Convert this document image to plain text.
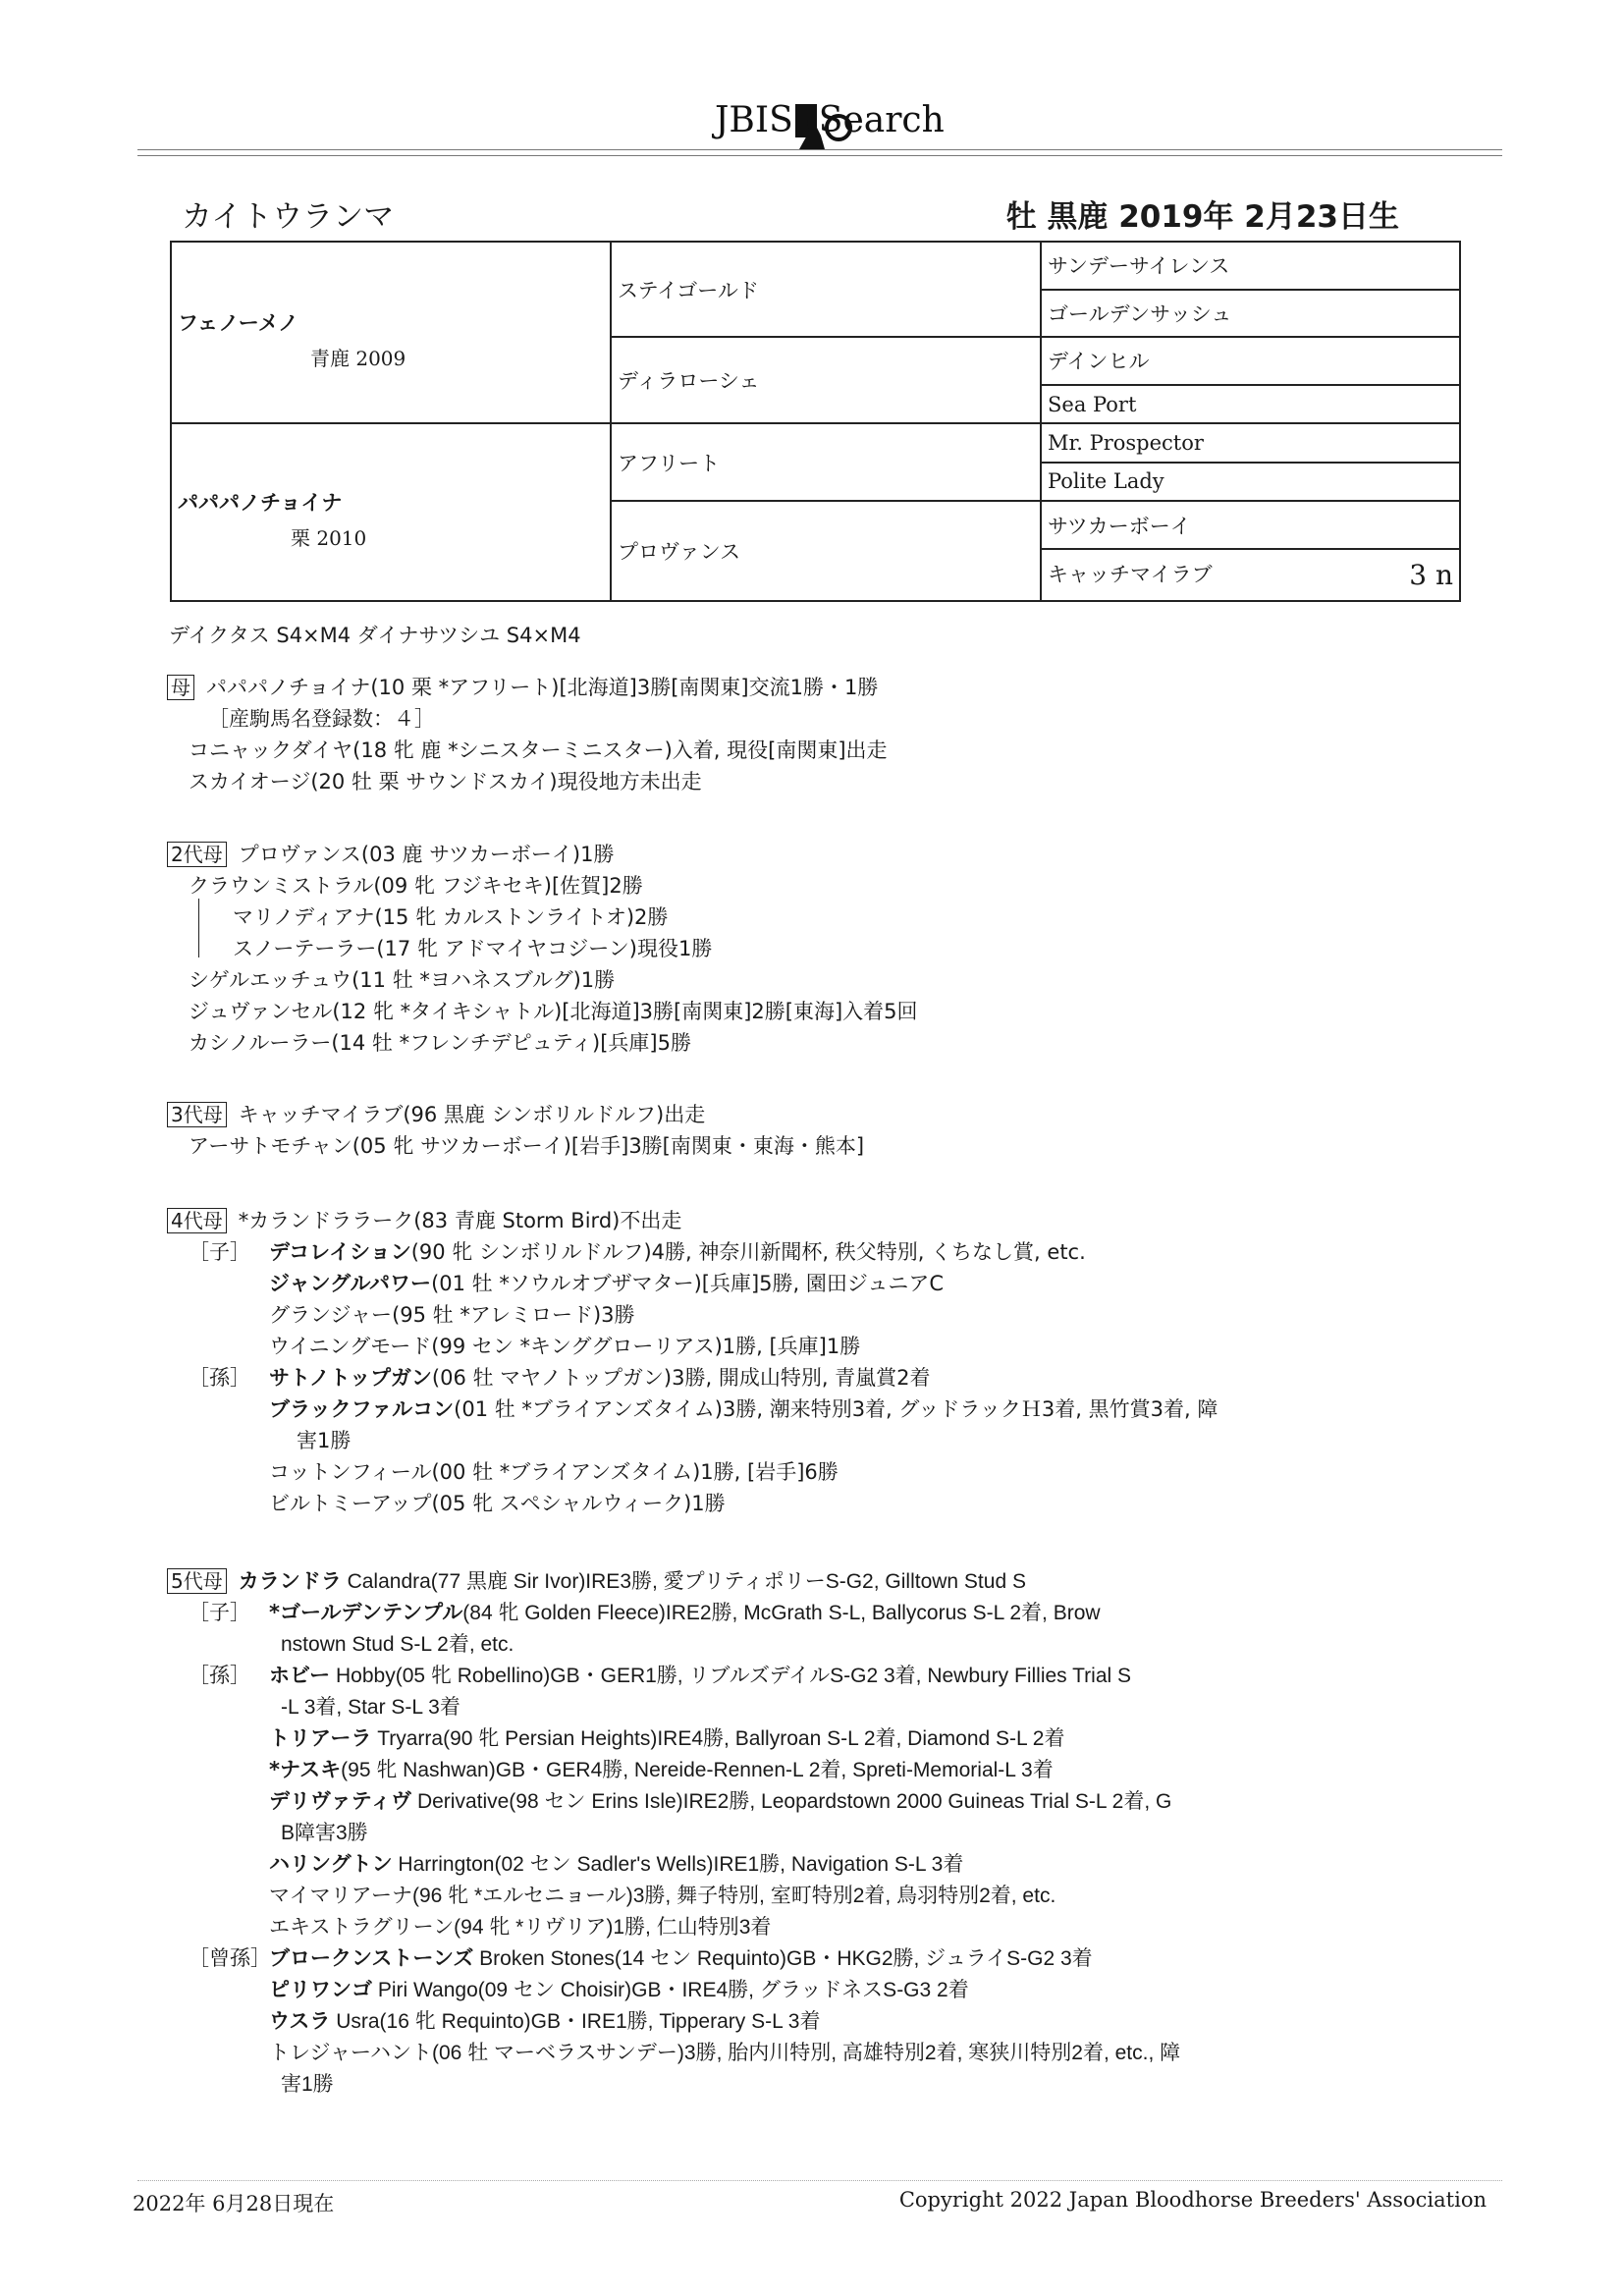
JBIS Search
カイトウランマ	牡 黒鹿 2019年 2月23日生
フェノーメノ
青鹿 2009	ステイゴールド	サンデーサイレンス
		ゴールデンサッシュ
	ディラローシェ	デインヒル
		Sea Port

パパパノチョイナ
栗 2010	アフリート	Mr. Prospector
		Polite Lady
	プロヴァンス	サツカーボーイ
		キャッチマイラブ 3 n
デイクタス S4×M4 ダイナサツシユ S4×M4
母 パパパノチョイナ(10 栗 *アフリート)[北海道]3勝[南関東]交流1勝・1勝
［産駒馬名登録数：４］
コニャックダイヤ(18 牝 鹿 *シニスターミニスター)入着, 現役[南関東]出走
スカイオージ(20 牡 栗 サウンドスカイ)現役地方未出走
2代母 プロヴァンス(03 鹿 サツカーボーイ)1勝
クラウンミストラル(09 牝 フジキセキ)[佐賀]2勝
マリノディアナ(15 牝 カルストンライトオ)2勝
スノーテーラー(17 牝 アドマイヤコジーン)現役1勝
シゲルエッチュウ(11 牡 *ヨハネスブルグ)1勝
ジュヴァンセル(12 牝 *タイキシャトル)[北海道]3勝[南関東]2勝[東海]入着5回
カシノルーラー(14 牡 *フレンチデピュティ)[兵庫]5勝
3代母 キャッチマイラブ(96 黒鹿 シンボリルドルフ)出走
アーサトモチャン(05 牝 サツカーボーイ)[岩手]3勝[南関東・東海・熊本]
4代母 *カランドララーク(83 青鹿 Storm Bird)不出走
［子］ デコレイション(90 牝 シンボリルドルフ)4勝, 神奈川新聞杯, 秩父特別, くちなし賞, etc.
ジャングルパワー(01 牡 *ソウルオブザマター)[兵庫]5勝, 園田ジュニアC
グランジャー(95 牡 *アレミロード)3勝
ウイニングモード(99 セン *キンググローリアス)1勝, [兵庫]1勝
［孫］ サトノトップガン(06 牡 マヤノトップガン)3勝, 開成山特別, 青嵐賞2着
ブラックファルコン(01 牡 *ブライアンズタイム)3勝, 潮来特別3着, グッドラックＨ3着, 黒竹賞3着, 障
害1勝
コットンフィール(00 牡 *ブライアンズタイム)1勝, [岩手]6勝
ビルトミーアップ(05 牝 スペシャルウィーク)1勝
5代母 カランドラ Calandra(77 黒鹿 Sir Ivor)IRE3勝, 愛プリティポリーS-G2, Gilltown Stud S
［子］ *ゴールデンテンプル(84 牝 Golden Fleece)IRE2勝, McGrath S-L, Ballycorus S-L 2着, Brow
nstown Stud S-L 2着, etc.
［孫］ ホビー Hobby(05 牝 Robellino)GB・GER1勝, リブルズデイルS-G2 3着, Newbury Fillies Trial S
-L 3着, Star S-L 3着
トリアーラ Tryarra(90 牝 Persian Heights)IRE4勝, Ballyroan S-L 2着, Diamond S-L 2着
*ナスキ(95 牝 Nashwan)GB・GER4勝, Nereide-Rennen-L 2着, Spreti-Memorial-L 3着
デリヴァティヴ Derivative(98 セン Erins Isle)IRE2勝, Leopardstown 2000 Guineas Trial S-L 2着, G
B障害3勝
ハリングトン Harrington(02 セン Sadler's Wells)IRE1勝, Navigation S-L 3着
マイマリアーナ(96 牝 *エルセニョール)3勝, 舞子特別, 室町特別2着, 鳥羽特別2着, etc.
エキストラグリーン(94 牝 *リヴリア)1勝, 仁山特別3着
［曾孫］ブロークンストーンズ Broken Stones(14 セン Requinto)GB・HKG2勝, ジュライS-G2 3着
ピリワンゴ Piri Wango(09 セン Choisir)GB・IRE4勝, グラッドネスS-G3 2着
ウスラ Usra(16 牝 Requinto)GB・IRE1勝, Tipperary S-L 3着
トレジャーハント(06 牡 マーベラスサンデー)3勝, 胎内川特別, 高雄特別2着, 寒狭川特別2着, etc., 障
害1勝
2022年 6月28日現在	Copyright 2022 Japan Bloodhorse Breeders' Association
